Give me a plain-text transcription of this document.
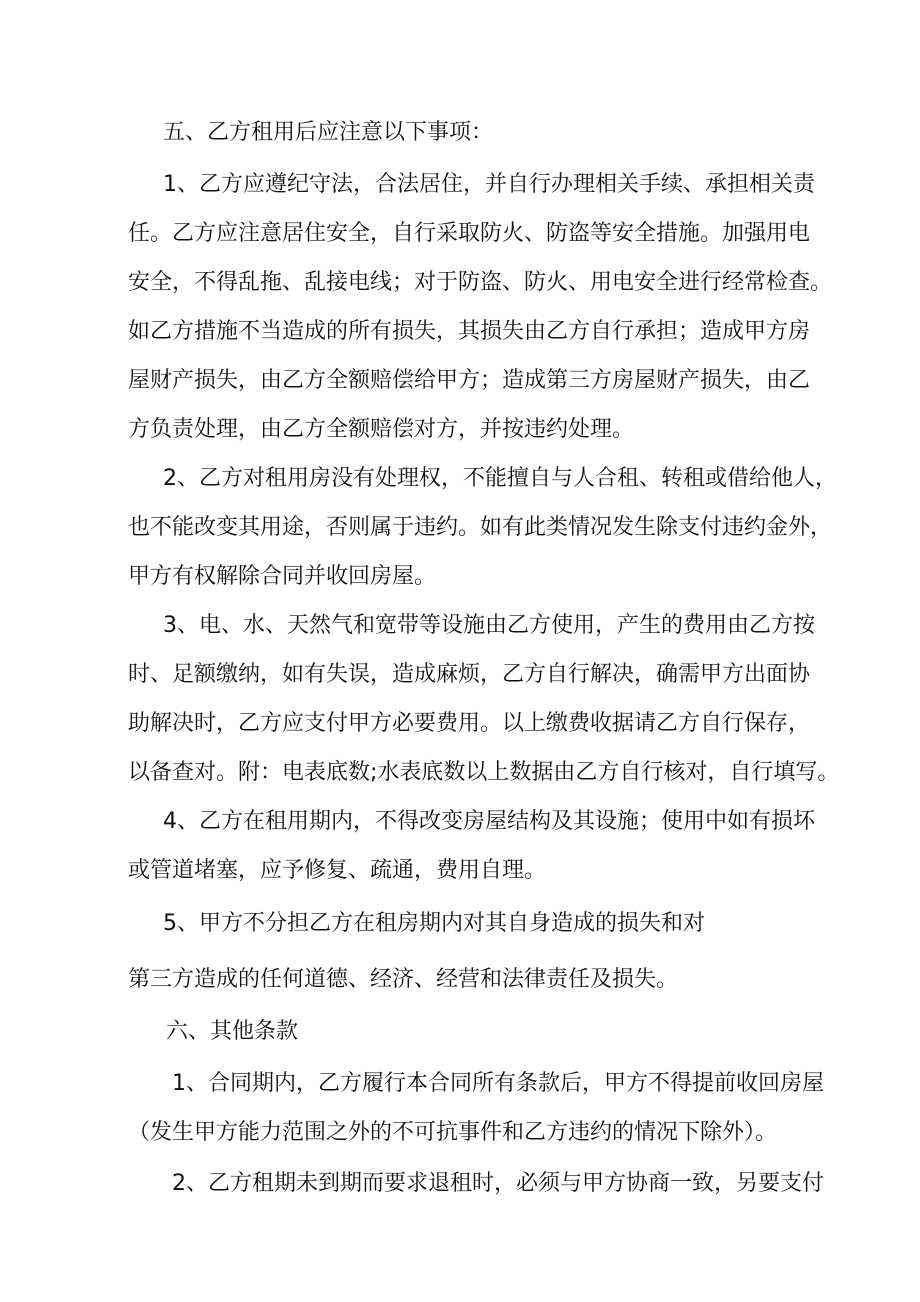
五、乙方租用后应注意以下事项：
1、乙方应遵纪守法，合法居住，并自行办理相关手续、承担相关责
任。乙方应注意居住安全，自行采取防火、防盗等安全措施。加强用电
安全，不得乱拖、乱接电线；对于防盗、防火、用电安全进行经常检查。
如乙方措施不当造成的所有损失，其损失由乙方自行承担；造成甲方房
屋财产损失，由乙方全额赔偿给甲方；造成第三方房屋财产损失，由乙
方负责处理，由乙方全额赔偿对方，并按违约处理。
2、乙方对租用房没有处理权，不能擅自与人合租、转租或借给他人，
也不能改变其用途，否则属于违约。如有此类情况发生除支付违约金外，
甲方有权解除合同并收回房屋。
3、电、水、天然气和宽带等设施由乙方使用，产生的费用由乙方按
时、足额缴纳，如有失误，造成麻烦，乙方自行解决，确需甲方出面协
助解决时，乙方应支付甲方必要费用。以上缴费收据请乙方自行保存，
以备查对。附：电表底数;水表底数以上数据由乙方自行核对，自行填写。
4、乙方在租用期内，不得改变房屋结构及其设施；使用中如有损坏
或管道堵塞，应予修复、疏通，费用自理。
5、甲方不分担乙方在租房期内对其自身造成的损失和对
第三方造成的任何道德、经济、经营和法律责任及损失。
六、其他条款
1、合同期内，乙方履行本合同所有条款后，甲方不得提前收回房屋
（发生甲方能力范围之外的不可抗事件和乙方违约的情况下除外）。
2、乙方租期未到期而要求退租时，必须与甲方协商一致，另要支付
